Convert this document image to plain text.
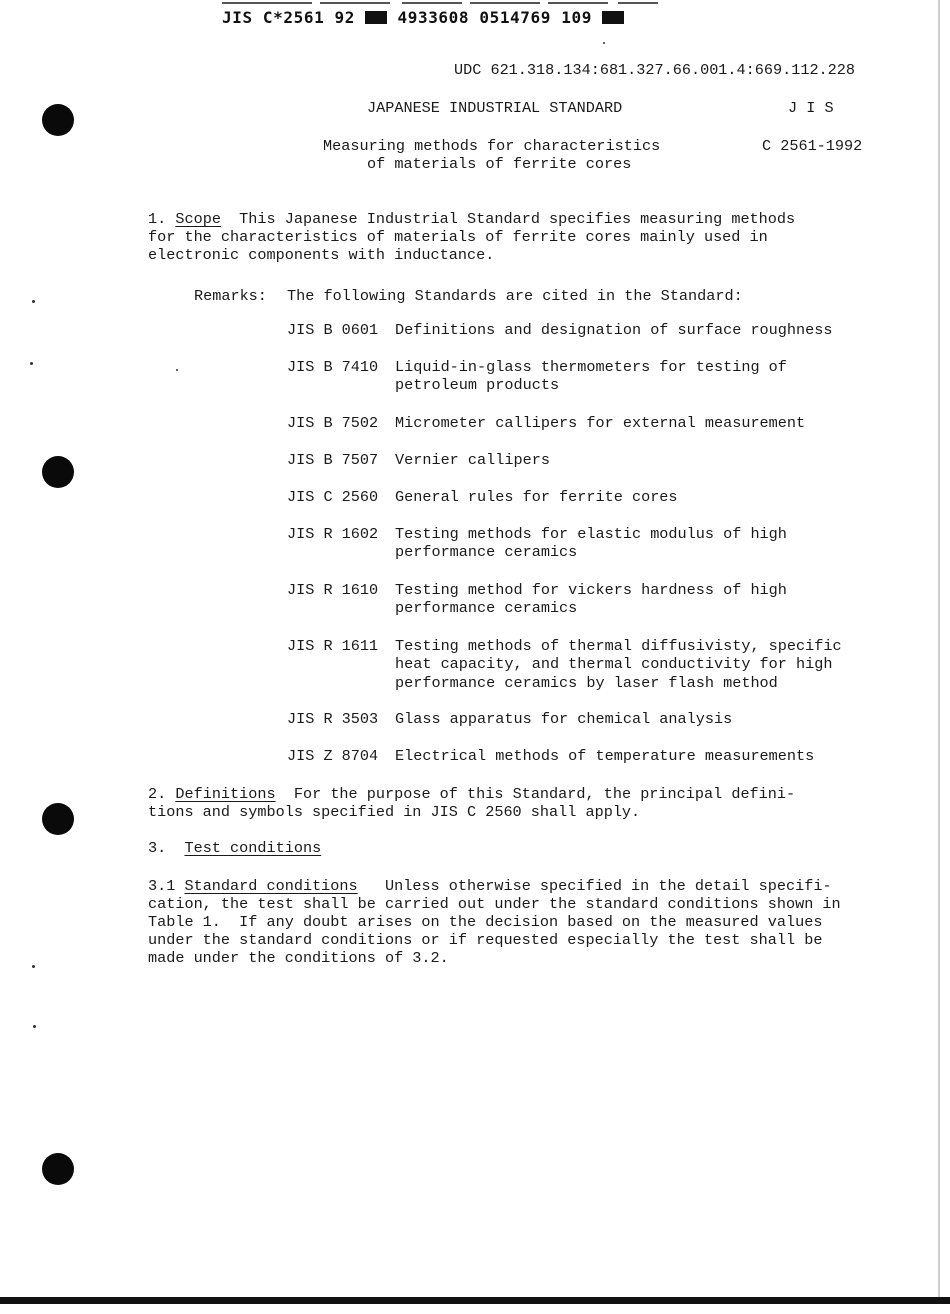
JIS C*2561 92	4933608 0514769 109
UDC 621.318.134:681.327.66.001.4:669.112.228
JAPANESE INDUSTRIAL STANDARD	J I S
Measuring methods for characteristics	C 2561-1992
of materials of ferrite cores
1. Scope This Japanese Industrial Standard specifies measuring methods
for the characteristics of materials of ferrite cores mainly used in
electronic components with inductance.
Remarks: The following Standards are cited in the Standard:
JIS B 0601 Definitions and designation of surface roughness
JIS B 7410 Liquid-in-glass thermometers for testing of
petroleum products
JIS B 7502 Micrometer callipers for external measurement
JIS B 7507 Vernier callipers
JIS C 2560 General rules for ferrite cores
JIS R 1602 Testing methods for elastic modulus of high
performance ceramics
JIS R 1610 Testing method for vickers hardness of high
performance ceramics
JIS R 1611 Testing methods of thermal diffusivisty, specific
heat capacity, and thermal conductivity for high
performance ceramics by laser flash method
JIS R 3503 Glass apparatus for chemical analysis
JIS Z 8704 Electrical methods of temperature measurements
2. Definitions For the purpose of this Standard, the principal defini-
tions and symbols specified in JIS C 2560 shall apply.
3. Test conditions
3.1 Standard conditions Unless otherwise specified in the detail specifi-
cation, the test shall be carried out under the standard conditions shown in
Table 1.  If any doubt arises on the decision based on the measured values
under the standard conditions or if requested especially the test shall be
made under the conditions of 3.2.
